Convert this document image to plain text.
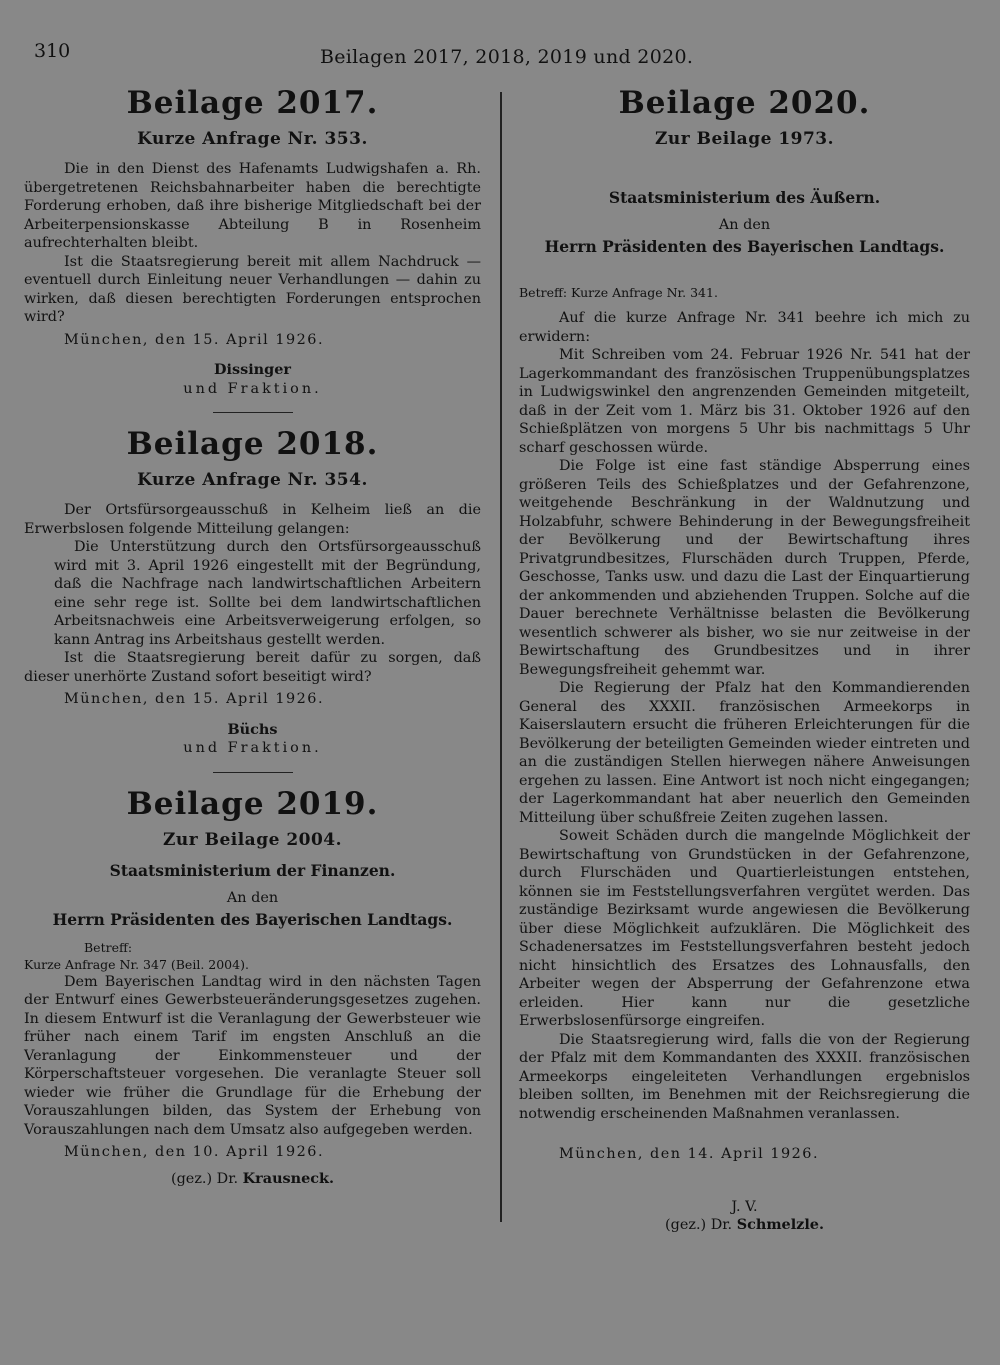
310	Beilagen 2017, 2018, 2019 und 2020.
Beilage 2017.
Kurze Anfrage Nr. 353.

Die in den Dienst des Hafenamts Ludwigshafen a. Rh. übergetretenen Reichsbahnarbeiter haben die berechtigte Forderung erhoben, daß ihre bisherige Mitgliedschaft bei der Arbeiterpensionskasse Abteilung B in Rosenheim aufrechterhalten bleibt.

Ist die Staatsregierung bereit mit allem Nachdruck — eventuell durch Einleitung neuer Verhandlungen — dahin zu wirken, daß diesen berechtigten Forderungen entsprochen wird?

München, den 15. April 1926.

Dissinger
und Fraktion.
Beilage 2018.
Kurze Anfrage Nr. 354.

Der Ortsfürsorgeausschuß in Kelheim ließ an die Erwerbslosen folgende Mitteilung gelangen:

Die Unterstützung durch den Ortsfürsorgeausschuß wird mit 3. April 1926 eingestellt mit der Begründung, daß die Nachfrage nach landwirtschaftlichen Arbeitern eine sehr rege ist. Sollte bei dem landwirtschaftlichen Arbeitsnachweis eine Arbeitsverweigerung erfolgen, so kann Antrag ins Arbeitshaus gestellt werden.

Ist die Staatsregierung bereit dafür zu sorgen, daß dieser unerhörte Zustand sofort beseitigt wird?

München, den 15. April 1926.

Büchs
und Fraktion.
Beilage 2019.
Zur Beilage 2004.
Staatsministerium der Finanzen.

An den

Herrn Präsidenten des Bayerischen Landtags.

Betreff:

Kurze Anfrage Nr. 347 (Beil. 2004).

Dem Bayerischen Landtag wird in den nächsten Tagen der Entwurf eines Gewerbsteueränderungsgesetzes zugehen. In diesem Entwurf ist die Veranlagung der Gewerbsteuer wie früher nach einem Tarif im engsten Anschluß an die Veranlagung der Einkommensteuer und der Körperschaftsteuer vorgesehen. Die veranlagte Steuer soll wieder wie früher die Grundlage für die Erhebung der Vorauszahlungen bilden, das System der Erhebung von Vorauszahlungen nach dem Umsatz also aufgegeben werden.

München, den 10. April 1926.

(gez.) Dr. Krausneck.

Beilage 2020.
Zur Beilage 1973.
Staatsministerium des Äußern.

An den

Herrn Präsidenten des Bayerischen Landtags.

Betreff: Kurze Anfrage Nr. 341.

Auf die kurze Anfrage Nr. 341 beehre ich mich zu erwidern:

Mit Schreiben vom 24. Februar 1926 Nr. 541 hat der Lagerkommandant des französischen Truppenübungsplatzes in Ludwigswinkel den angrenzenden Gemeinden mitgeteilt, daß in der Zeit vom 1. März bis 31. Oktober 1926 auf den Schießplätzen von morgens 5 Uhr bis nachmittags 5 Uhr scharf geschossen würde.

Die Folge ist eine fast ständige Absperrung eines größeren Teils des Schießplatzes und der Gefahrenzone, weitgehende Beschränkung in der Waldnutzung und Holzabfuhr, schwere Behinderung in der Bewegungsfreiheit der Bevölkerung und der Bewirtschaftung ihres Privatgrundbesitzes, Flurschäden durch Truppen, Pferde, Geschosse, Tanks usw. und dazu die Last der Einquartierung der ankommenden und abziehenden Truppen. Solche auf die Dauer berechnete Verhältnisse belasten die Bevölkerung wesentlich schwerer als bisher, wo sie nur zeitweise in der Bewirtschaftung des Grundbesitzes und in ihrer Bewegungsfreiheit gehemmt war.

Die Regierung der Pfalz hat den Kommandierenden General des XXXII. französischen Armeekorps in Kaiserslautern ersucht die früheren Erleichterungen für die Bevölkerung der beteiligten Gemeinden wieder eintreten und an die zuständigen Stellen hierwegen nähere Anweisungen ergehen zu lassen. Eine Antwort ist noch nicht eingegangen; der Lagerkommandant hat aber neuerlich den Gemeinden Mitteilung über schußfreie Zeiten zugehen lassen.

Soweit Schäden durch die mangelnde Möglichkeit der Bewirtschaftung von Grundstücken in der Gefahrenzone, durch Flurschäden und Quartierleistungen entstehen, können sie im Feststellungsverfahren vergütet werden. Das zuständige Bezirksamt wurde angewiesen die Bevölkerung über diese Möglichkeit aufzuklären. Die Möglichkeit des Schadenersatzes im Feststellungsverfahren besteht jedoch nicht hinsichtlich des Ersatzes des Lohnausfalls, den Arbeiter wegen der Absperrung der Gefahrenzone etwa erleiden. Hier kann nur die gesetzliche Erwerbslosenfürsorge eingreifen.

Die Staatsregierung wird, falls die von der Regierung der Pfalz mit dem Kommandanten des XXXII. französischen Armeekorps eingeleiteten Verhandlungen ergebnislos bleiben sollten, im Benehmen mit der Reichsregierung die notwendig erscheinenden Maßnahmen veranlassen.

München, den 14. April 1926.

J. V.

(gez.) Dr. Schmelzle.
